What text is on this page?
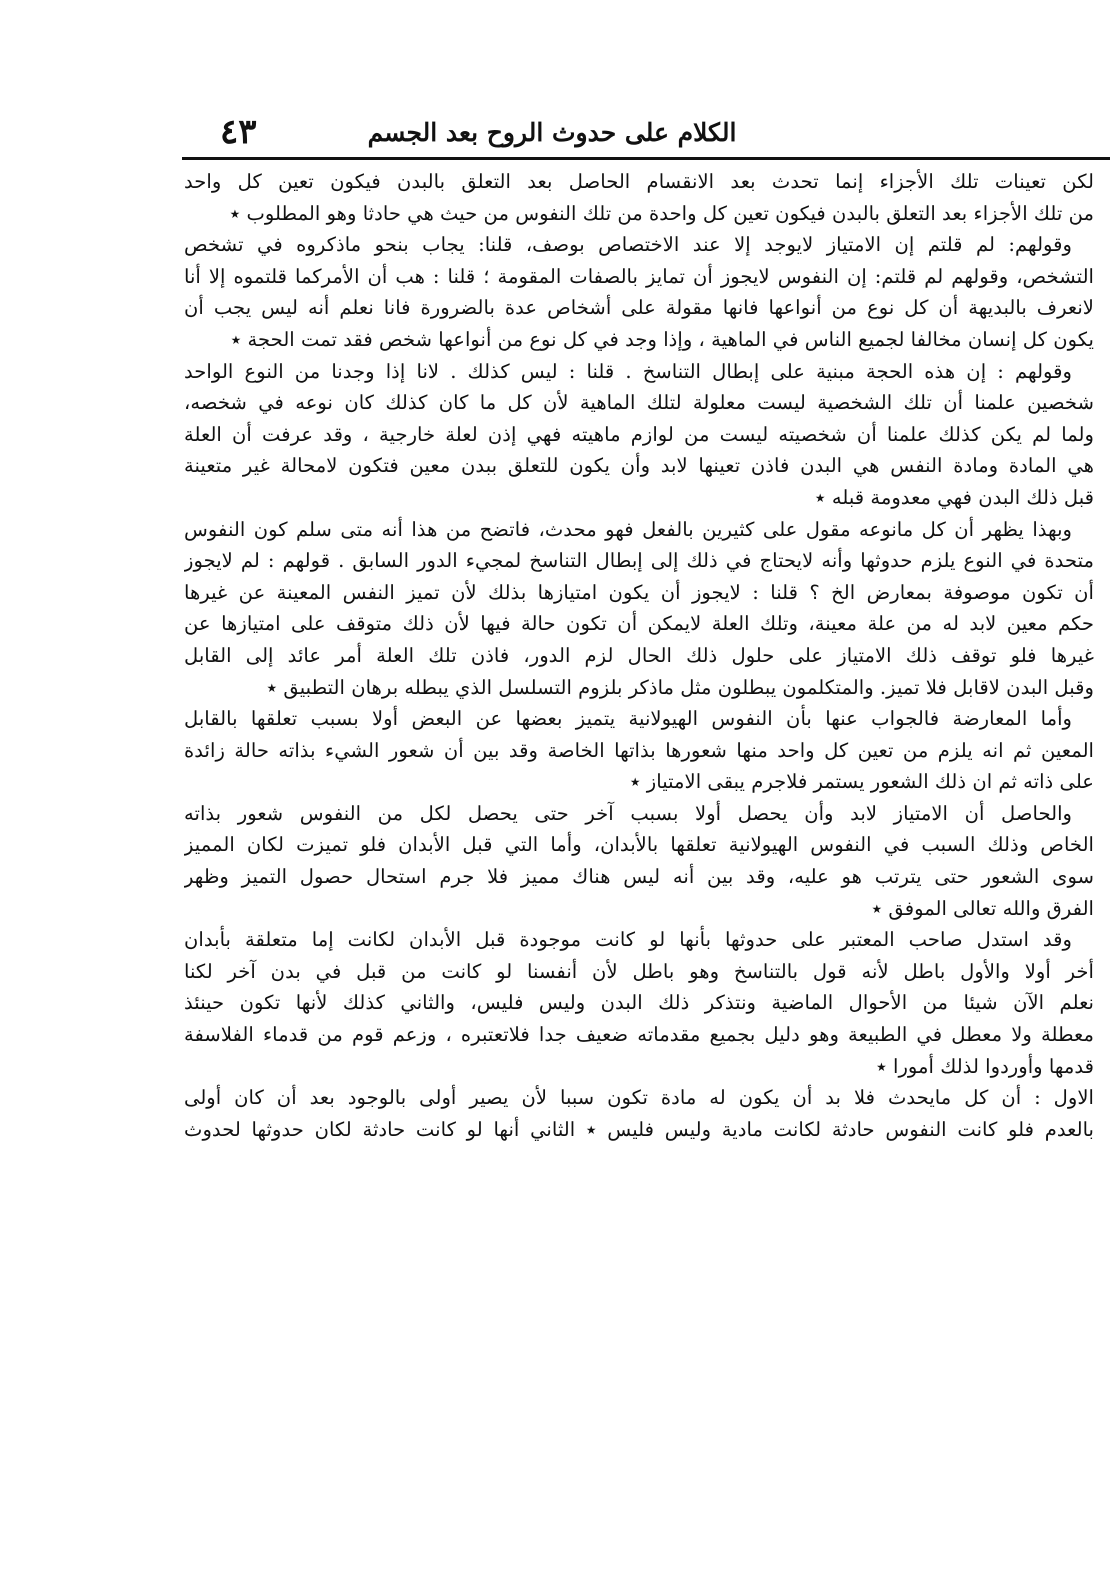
الكلام على حدوث الروح بعد الجسم
٤٣
لكن تعينات تلك الأجزاء إنما تحدث بعد الانقسام الحاصل بعد التعلق بالبدن فيكون تعين كل واحد
من تلك الأجزاء بعد التعلق بالبدن فيكون تعين كل واحدة من تلك النفوس من حيث هي حادثا وهو المطلوب ٭
وقولهم: لم قلتم إن الامتياز لايوجد إلا عند الاختصاص بوصف، قلنا: يجاب بنحو ماذكروه في تشخص
التشخص، وقولهم لم قلتم: إن النفوس لايجوز أن تمايز بالصفات المقومة ؛ قلنا : هب أن الأمركما قلتموه إلا أنا
لانعرف بالبديهة أن كل نوع من أنواعها فانها مقولة على أشخاص عدة بالضرورة فانا نعلم أنه ليس يجب أن
يكون كل إنسان مخالفا لجميع الناس في الماهية ، وإذا وجد في كل نوع من أنواعها شخص فقد تمت الحجة ٭
وقولهم : إن هذه الحجة مبنية على إبطال التناسخ . قلنا : ليس كذلك . لانا إذا وجدنا من النوع الواحد
شخصين علمنا أن تلك الشخصية ليست معلولة لتلك الماهية لأن كل ما كان كذلك كان نوعه في شخصه،
ولما لم يكن كذلك علمنا أن شخصيته ليست من لوازم ماهيته فهي إذن لعلة خارجية ، وقد عرفت أن العلة
هي المادة ومادة النفس هي البدن فاذن تعينها لابد وأن يكون للتعلق ببدن معين فتكون لامحالة غير متعينة
قبل ذلك البدن فهي معدومة قبله ٭
وبهذا يظهر أن كل مانوعه مقول على كثيرين بالفعل فهو محدث، فاتضح من هذا أنه متى سلم كون النفوس
متحدة في النوع يلزم حدوثها وأنه لايحتاج في ذلك إلى إبطال التناسخ لمجيء الدور السابق . قولهم : لم لايجوز
أن تكون موصوفة بمعارض الخ ؟ قلنا : لايجوز أن يكون امتيازها بذلك لأن تميز النفس المعينة عن غيرها
حكم معين لابد له من علة معينة، وتلك العلة لايمكن أن تكون حالة فيها لأن ذلك متوقف على امتيازها عن
غيرها فلو توقف ذلك الامتياز على حلول ذلك الحال لزم الدور، فاذن تلك العلة أمر عائد إلى القابل
وقبل البدن لاقابل فلا تميز. والمتكلمون يبطلون مثل ماذكر بلزوم التسلسل الذي يبطله برهان التطبيق ٭
وأما المعارضة فالجواب عنها بأن النفوس الهيولانية يتميز بعضها عن البعض أولا بسبب تعلقها بالقابل
المعين ثم انه يلزم من تعين كل واحد منها شعورها بذاتها الخاصة وقد بين أن شعور الشيء بذاته حالة زائدة
على ذاته ثم ان ذلك الشعور يستمر فلاجرم يبقى الامتياز ٭
والحاصل أن الامتياز لابد وأن يحصل أولا بسبب آخر حتى يحصل لكل من النفوس شعور بذاته
الخاص وذلك السبب في النفوس الهيولانية تعلقها بالأبدان، وأما التي قبل الأبدان فلو تميزت لكان المميز
سوى الشعور حتى يترتب هو عليه، وقد بين أنه ليس هناك مميز فلا جرم استحال حصول التميز وظهر
الفرق والله تعالى الموفق ٭
وقد استدل صاحب المعتبر على حدوثها بأنها لو كانت موجودة قبل الأبدان لكانت إما متعلقة بأبدان
أخر أولا والأول باطل لأنه قول بالتناسخ وهو باطل لأن أنفسنا لو كانت من قبل في بدن آخر لكنا
نعلم الآن شيئا من الأحوال الماضية ونتذكر ذلك البدن وليس فليس، والثاني كذلك لأنها تكون حينئذ
معطلة ولا معطل في الطبيعة وهو دليل بجميع مقدماته ضعيف جدا فلاتعتبره ، وزعم قوم من قدماء الفلاسفة
قدمها وأوردوا لذلك أمورا ٭
الاول : أن كل مايحدث فلا بد أن يكون له مادة تكون سببا لأن يصير أولى بالوجود بعد أن كان أولى
بالعدم فلو كانت النفوس حادثة لكانت مادية وليس فليس ٭ الثاني أنها لو كانت حادثة لكان حدوثها لحدوث
